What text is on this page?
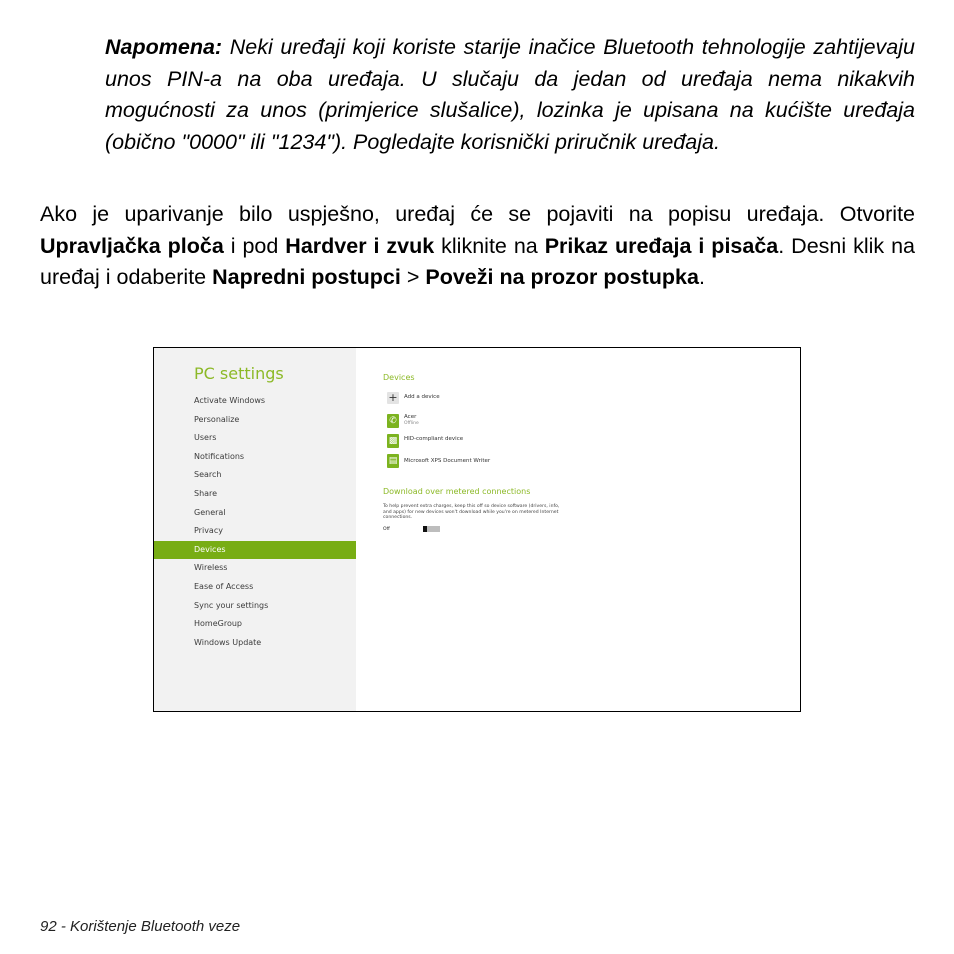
Napomena: Neki uređaji koji koriste starije inačice Bluetooth tehnologije zahtijevaju unos PIN-a na oba uređaja. U slučaju da jedan od uređaja nema nikakvih mogućnosti za unos (primjerice slušalice), lozinka je upisana na kućište uređaja (obično "0000" ili "1234"). Pogledajte korisnički priručnik uređaja.

Ako je uparivanje bilo uspješno, uređaj će se pojaviti na popisu uređaja. Otvorite Upravljačka ploča i pod Hardver i zvuk kliknite na Prikaz uređaja i pisača. Desni klik na uređaj i odaberite Napredni postupci > Poveži na prozor postupka.

PC settings
Activate Windows
Personalize
Users
Notifications
Search
Share
General
Privacy
Devices
Wireless
Ease of Access
Sync your settings
HomeGroup
Windows Update
Devices
+ Add a device
✆	Acer
Offline
▩	HID-compliant device
▤	Microsoft XPS Document Writer
Download over metered connections
To help prevent extra charges, keep this off so device software (drivers, info, and apps) for new devices won't download while you're on metered Internet connections.
Off
92 - Korištenje Bluetooth veze
